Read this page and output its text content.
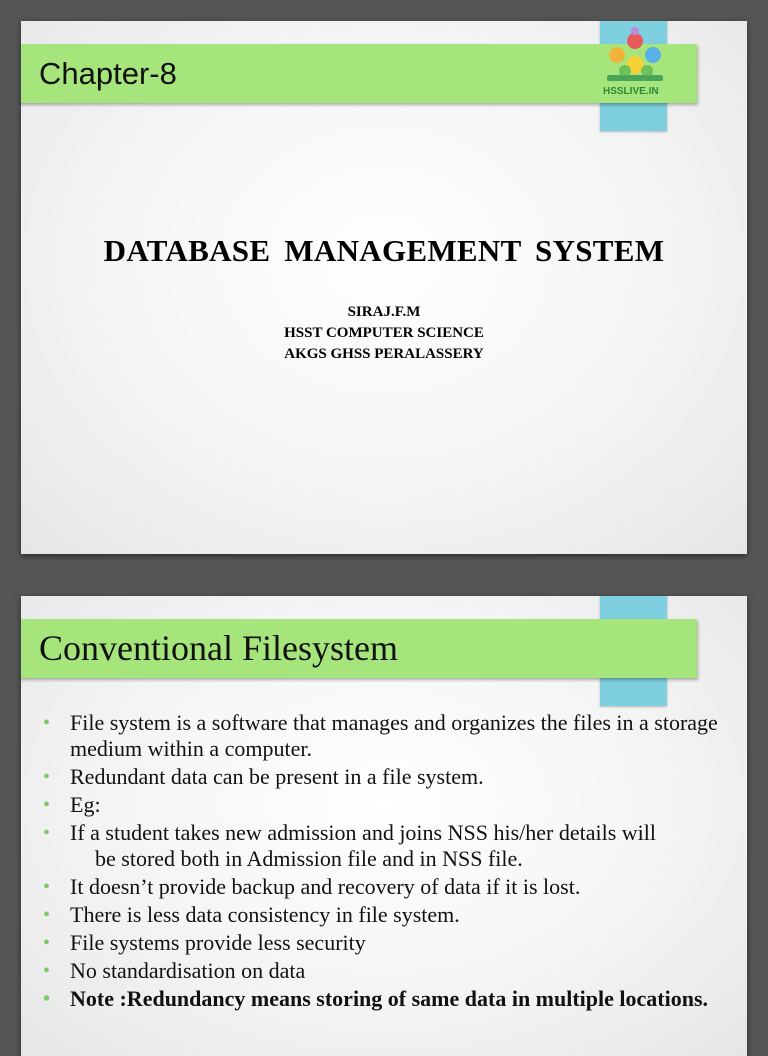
Chapter-8
HSSLIVE.IN
DATABASE MANAGEMENT SYSTEM
SIRAJ.F.M
HSST COMPUTER SCIENCE
AKGS GHSS PERALASSERY
Conventional Filesystem
• File system is a software that manages and organizes the files in a storage medium within a computer.
• Redundant data can be present in a file system.
• Eg:
• If a student takes new admission and joins NSS his/her details will
be stored both in Admission file and in NSS file.
• It doesn’t provide backup and recovery of data if it is lost.
• There is less data consistency in file system.
• File systems provide less security
• No standardisation on data
• Note :Redundancy means storing of same data in multiple locations.
